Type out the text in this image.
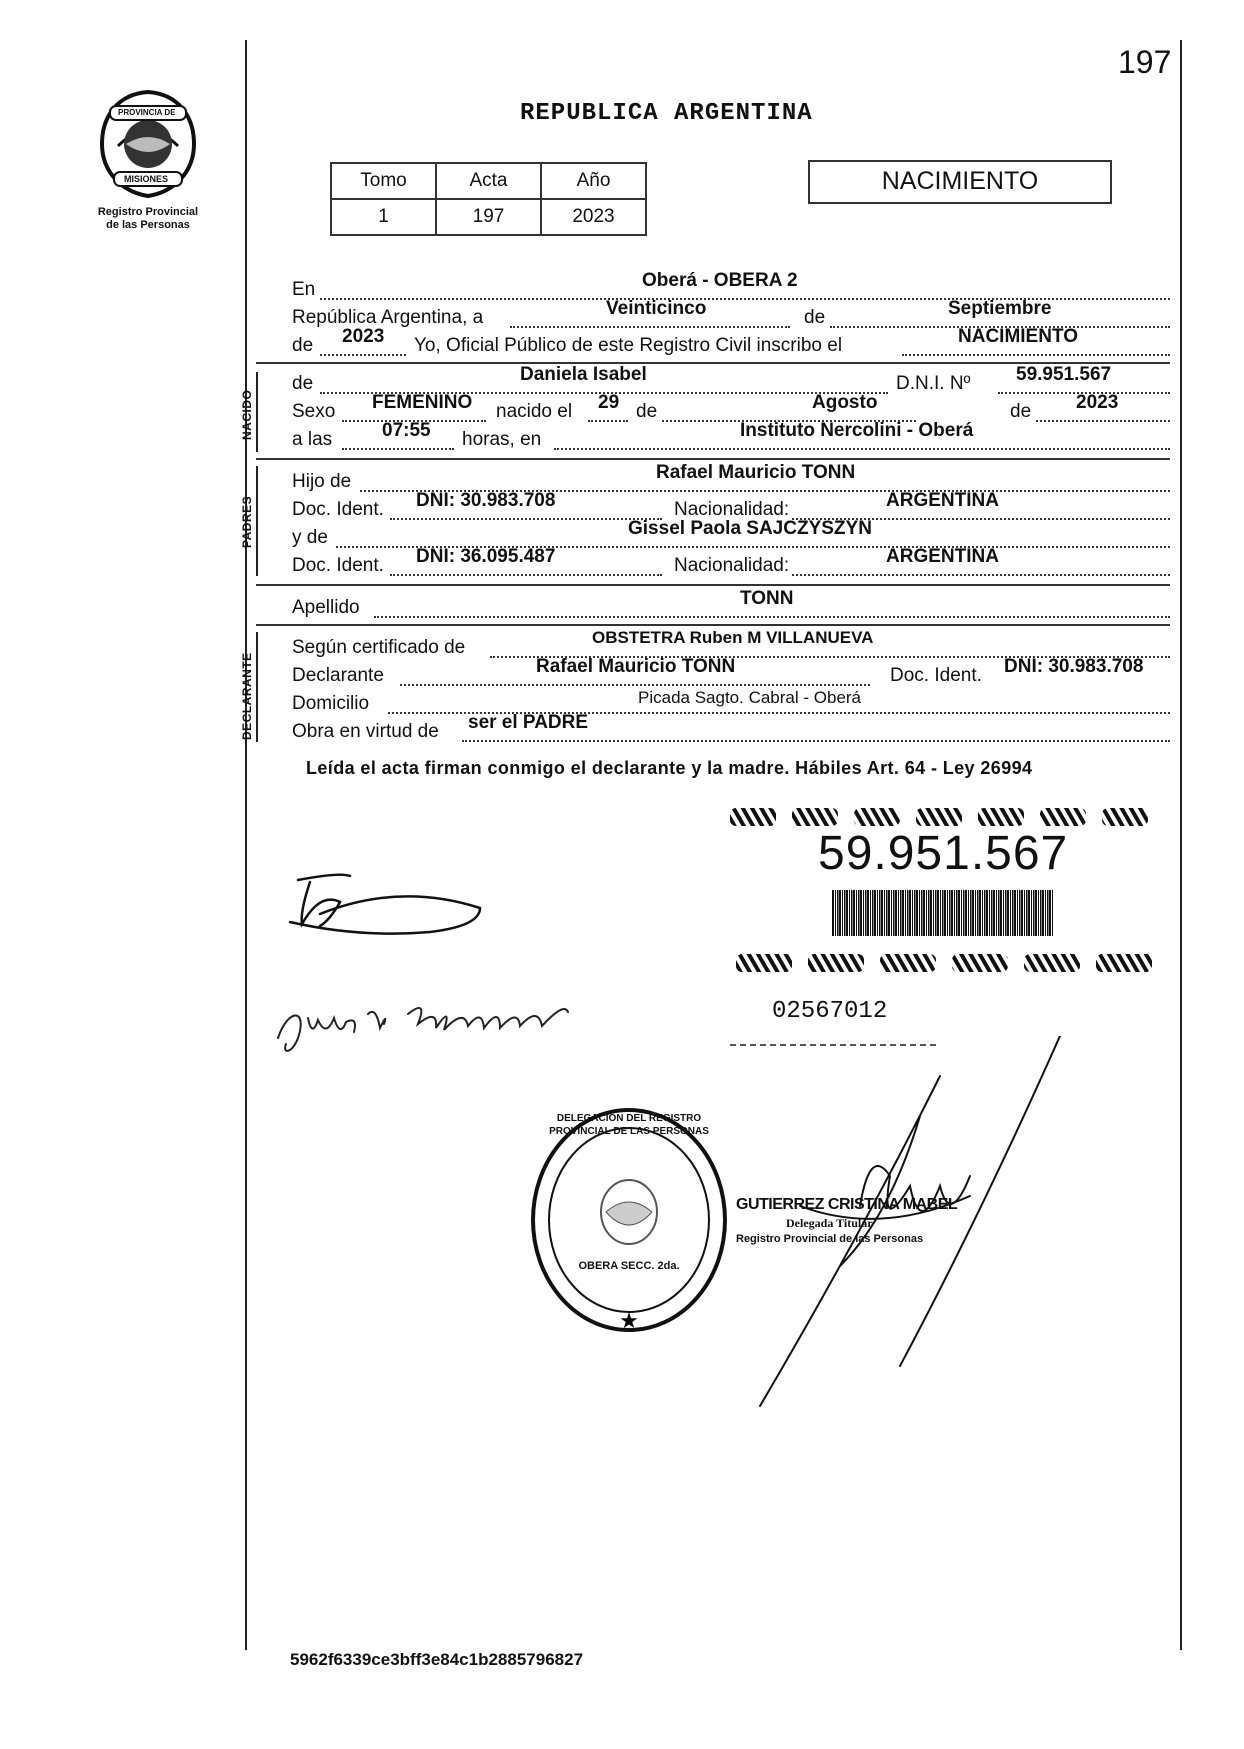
197
PROVINCIA DE
MISIONES
Registro Provincial
de las Personas
REPUBLICA ARGENTINA
Tomo	Acta	Año
1	197	2023
NACIMIENTO
En	Oberá - OBERA 2
República Argentina, a	Veinticinco	de	Septiembre
de 2023 Yo, Oficial Público de este Registro Civil inscribo el	NACIMIENTO
NACIDO
de	Daniela Isabel	D.N.I. Nº 59.951.567
Sexo FEMENINO nacido el 29 de	Agosto	de 2023
a las	07:55 horas, en	Instituto Nercolini - Oberá
PADRES
Hijo de	Rafael Mauricio TONN
Doc. Ident. DNI: 30.983.708	Nacionalidad:	ARGENTINA
y de	Gissel Paola SAJCZYSZYN
Doc. Ident. DNI: 36.095.487	Nacionalidad:	ARGENTINA
Apellido	TONN
DECLARANTE
Según certificado de	OBSTETRA Ruben M VILLANUEVA
Declarante	Rafael Mauricio TONN	Doc. Ident. DNI: 30.983.708
Domicilio	Picada Sagto. Cabral - Oberá
Obra en virtud de ser el PADRE
Leída el acta firman conmigo el declarante y la madre. Hábiles Art. 64 - Ley 26994
59.951.567
02567012
★
DELEGACION DEL REGISTRO PROVINCIAL DE LAS PERSONAS
OBERA SECC. 2da.
GUTIERREZ CRISTINA MABEL
Delegada Titular
Registro Provincial de las Personas
5962f6339ce3bff3e84c1b2885796827
